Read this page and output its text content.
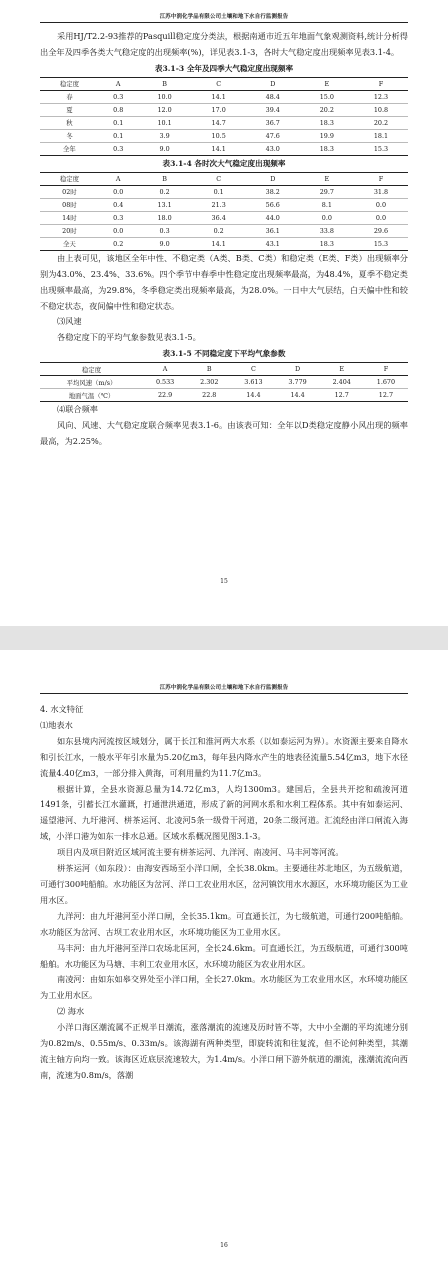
江苏中润化学品有限公司土壤和地下水自行监测报告

采用HJ/T2.2-93推荐的Pasquill稳定度分类法，根据南通市近五年地面气象观测资料,统计分析得出全年及四季各类大气稳定度的出现频率(%)，详见表3.1-3，各时大气稳定度出现频率见表3.1-4。

表3.1-3 全年及四季大气稳定度出现频率
稳定度	A	B	C	D	E	F
春	0.3	10.0	14.1	48.4	15.0	12.3
夏	0.8	12.0	17.0	39.4	20.2	10.8
秋	0.1	10.1	14.7	36.7	18.3	20.2
冬	0.1	3.9	10.5	47.6	19.9	18.1
全年	0.3	9.0	14.1	43.0	18.3	15.3
表3.1-4 各时次大气稳定度出现频率
稳定度	A	B	C	D	E	F
02时	0.0	0.2	0.1	38.2	29.7	31.8
08时	0.4	13.1	21.3	56.6	8.1	0.0
14时	0.3	18.0	36.4	44.0	0.0	0.0
20时	0.0	0.3	0.2	36.1	33.8	29.6
全天	0.2	9.0	14.1	43.1	18.3	15.3

由上表可见，该地区全年中性、不稳定类（A类、B类、C类）和稳定类（E类、F类）出现频率分别为43.0%、23.4%、33.6%。四个季节中春季中性稳定度出现频率最高，为48.4%，夏季不稳定类出现频率最高，为29.8%，冬季稳定类出现频率最高，为28.0%。一日中大气层结，白天偏中性和较不稳定状态，夜间偏中性和稳定状态。

⑶风速

各稳定度下的平均气象参数见表3.1-5。

表3.1-5 不同稳定度下平均气象参数
稳定度	A	B	C	D	E	F
平均风速（m/s）	0.533	2.302	3.613	3.779	2.404	1.670
地面气温（℃）	22.9	22.8	14.4	14.4	12.7	12.7

⑷联合频率

风向、风速、大气稳定度联合频率见表3.1-6。由该表可知：全年以D类稳定度静小风出现的频率最高，为2.25%。

15
江苏中润化学品有限公司土壤和地下水自行监测报告
4. 水文特征
⑴地表水

如东县境内河流按区域划分，属于长江和淮河两大水系（以如泰运河为界）。水资源主要来自降水和引长江水，一般水平年引水量为5.20亿m3，每年县内降水产生的地表径流量5.54亿m3，地下水径流量4.40亿m3，一部分排入黄海，可利用量约为11.7亿m3。

根据计算，全县水资源总量为14.72亿m3，人均1300m3。建国后，全县共开挖和疏浚河道1491条，引蓄长江水灌溉，打通泄洪通道，形成了新的河网水系和水利工程体系。其中有如泰运河、遥望港河、九圩港河、栟茶运河、北凌河5条一级骨干河道，20条二级河道。汇流经由洋口闸流入海域，小洋口港为如东一排水总通。区域水系概况图见图3.1-3。

项目内及项目附近区域河流主要有栟茶运河、九洋河、南凌河、马丰河等河流。

栟茶运河（如东段）：由海安西场至小洋口闸，全长38.0km。主要通往苏北地区，为五级航道，可通行300吨船舶。水功能区为岔河、洋口工农业用水区，岔河镇饮用水水源区，水环境功能区为工业用水区。

九洋河：由九圩港河至小洋口闸，全长35.1km。可直通长江，为七级航道，可通行200吨船舶。水功能区为岔河、古坝工农业用水区，水环境功能区为工业用水区。

马丰河：由九圩港河至洋口农场北匡河，全长24.6km。可直通长江，为五级航道，可通行300吨船舶。水功能区为马塘、丰利工农业用水区，水环境功能区为农业用水区。

南凌河：由如东如皋交界处至小洋口闸，全长27.0km。水功能区为工农业用水区，水环境功能区为工业用水区。

⑵ 海水

小洋口海区潮流属不正规半日潮流，涨落潮流的流速及历时皆不等，大中小全潮的平均流速分别为0.82m/s、0.55m/s、0.33m/s。该海湖有两种类型，即旋转流和往复流，但不论何种类型，其潮流主轴方向均一致。该海区近底层流速较大，为1.4m/s。小洋口闸下游外航道的潮流，涨潮流流向西南，流速为0.8m/s，落潮

16
